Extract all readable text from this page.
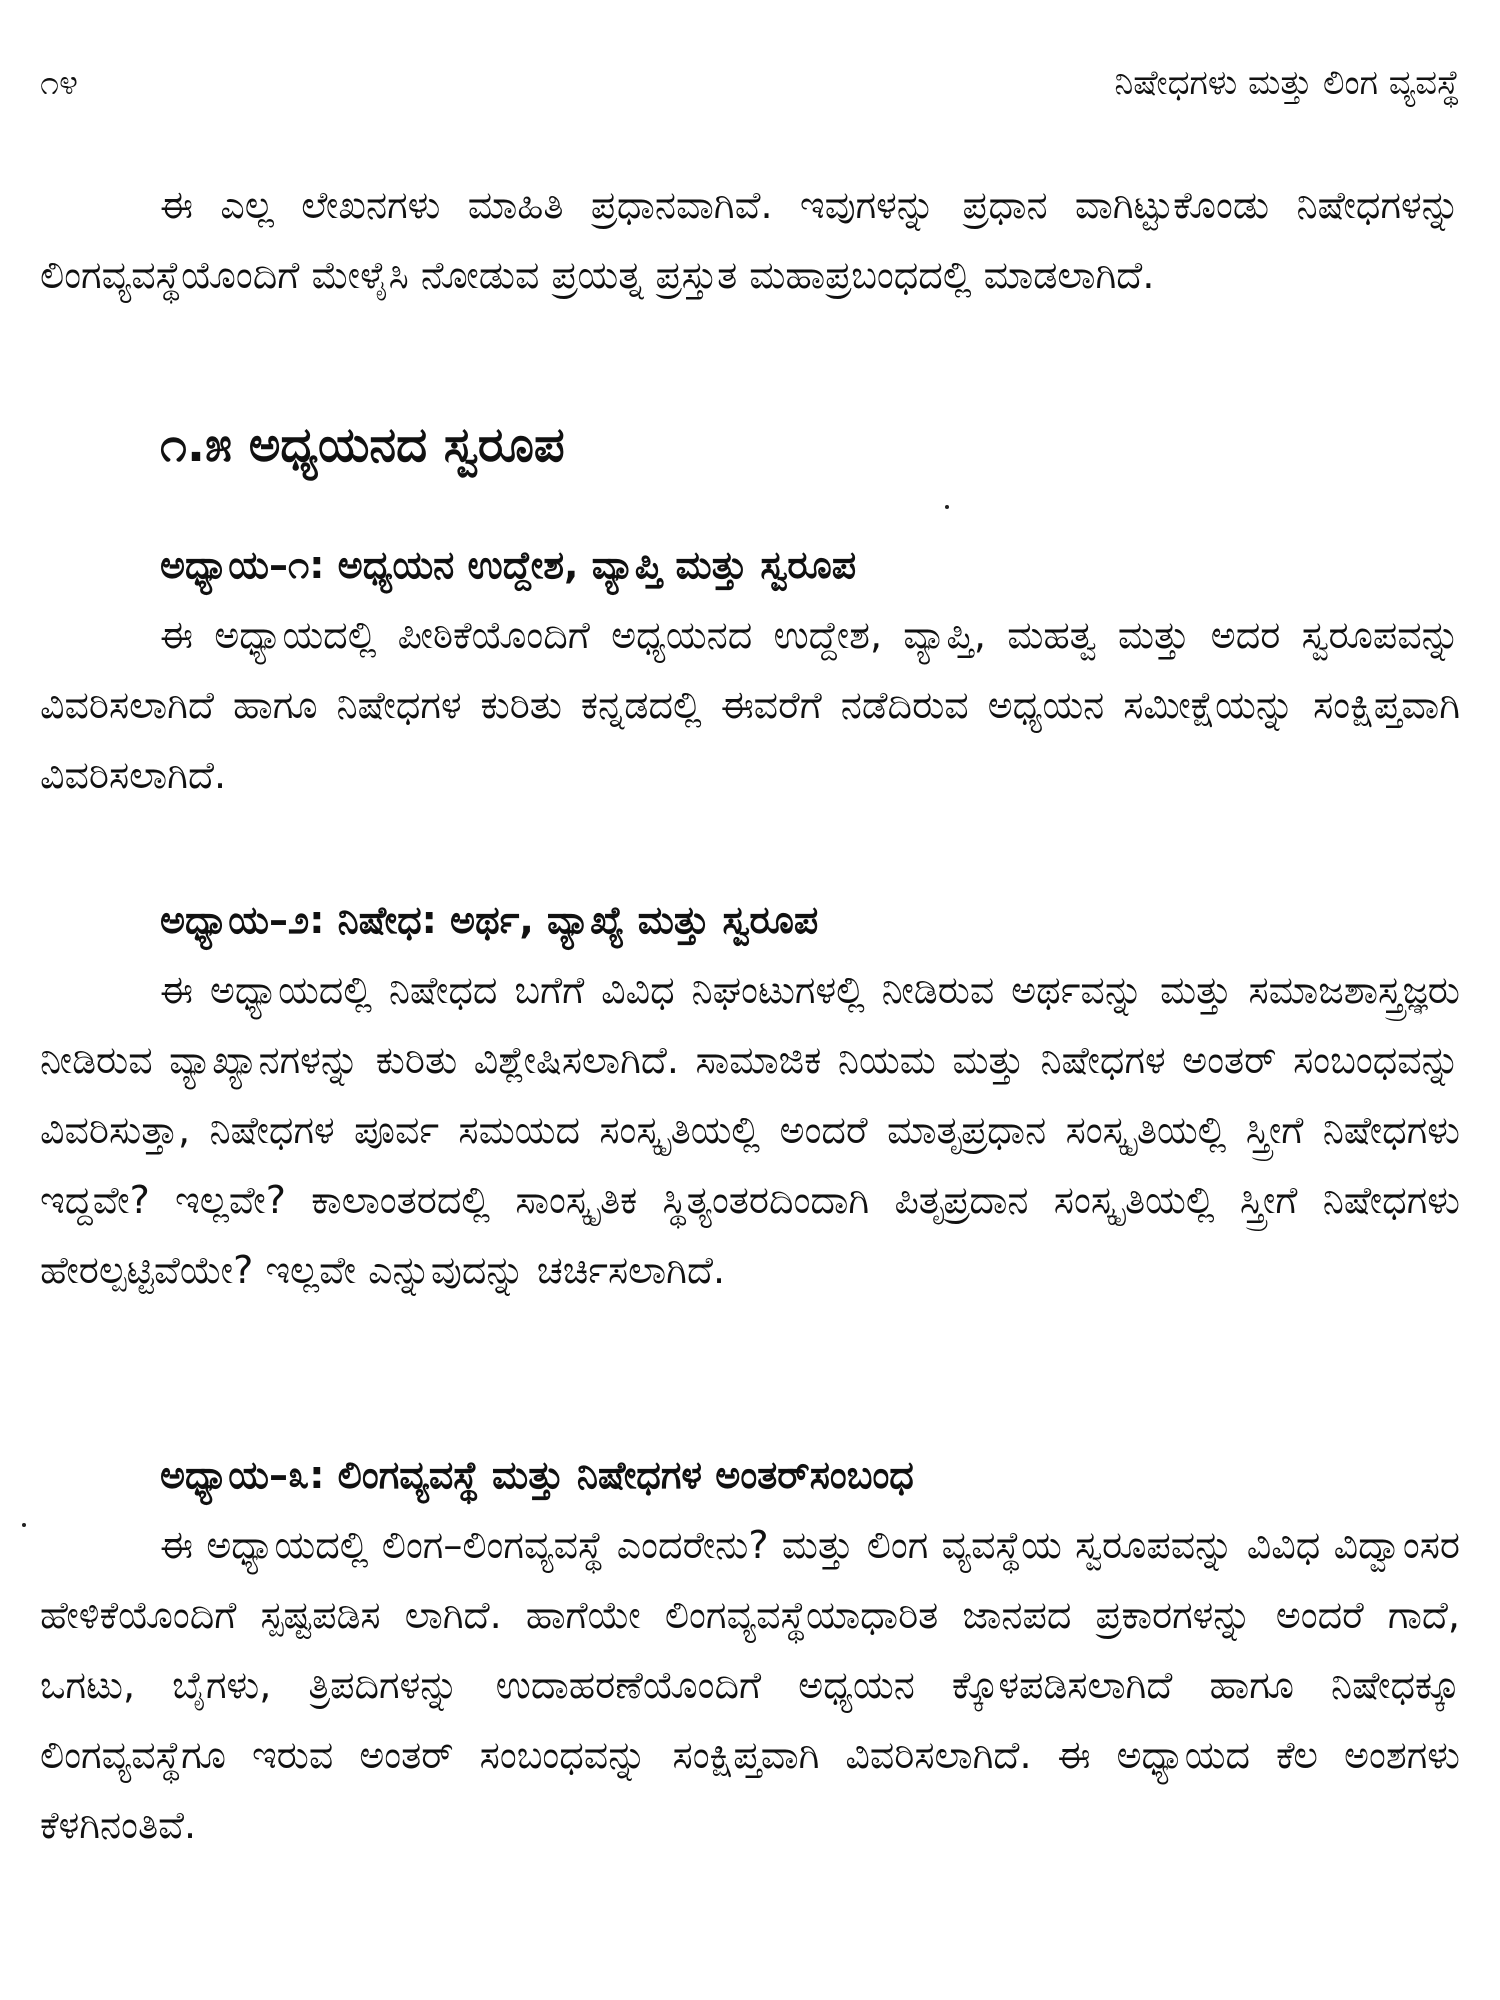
೧೪	ನಿಷೇಧಗಳು ಮತ್ತು ಲಿಂಗ ವ್ಯವಸ್ಥೆ

ಈ ಎಲ್ಲ ಲೇಖನಗಳು ಮಾಹಿತಿ ಪ್ರಧಾನವಾಗಿವೆ. ಇವುಗಳನ್ನು ಪ್ರಧಾನ ವಾಗಿಟ್ಟುಕೊಂಡು ನಿಷೇಧಗಳನ್ನು ಲಿಂಗವ್ಯವಸ್ಥೆಯೊಂದಿಗೆ ಮೇಳೈಸಿ ನೋಡುವ ಪ್ರಯತ್ನ ಪ್ರಸ್ತುತ ಮಹಾಪ್ರಬಂಧದಲ್ಲಿ ಮಾಡಲಾಗಿದೆ.

೧.೫ ಅಧ್ಯಯನದ ಸ್ವರೂಪ
ಅಧ್ಯಾಯ–೧: ಅಧ್ಯಯನ ಉದ್ದೇಶ, ವ್ಯಾಪ್ತಿ ಮತ್ತು ಸ್ವರೂಪ

ಈ ಅಧ್ಯಾಯದಲ್ಲಿ ಪೀಠಿಕೆಯೊಂದಿಗೆ ಅಧ್ಯಯನದ ಉದ್ದೇಶ, ವ್ಯಾಪ್ತಿ, ಮಹತ್ವ ಮತ್ತು ಅದರ ಸ್ವರೂಪವನ್ನು ವಿವರಿಸಲಾಗಿದೆ ಹಾಗೂ ನಿಷೇಧಗಳ ಕುರಿತು ಕನ್ನಡದಲ್ಲಿ ಈವರೆಗೆ ನಡೆದಿರುವ ಅಧ್ಯಯನ ಸಮೀಕ್ಷೆಯನ್ನು ಸಂಕ್ಷಿಪ್ತವಾಗಿ ವಿವರಿಸಲಾಗಿದೆ.

ಅಧ್ಯಾಯ–೨: ನಿಷೇಧ: ಅರ್ಥ, ವ್ಯಾಖ್ಯೆ ಮತ್ತು ಸ್ವರೂಪ

ಈ ಅಧ್ಯಾಯದಲ್ಲಿ ನಿಷೇಧದ ಬಗೆಗೆ ವಿವಿಧ ನಿಘಂಟುಗಳಲ್ಲಿ ನೀಡಿರುವ ಅರ್ಥವನ್ನು ಮತ್ತು ಸಮಾಜಶಾಸ್ತ್ರಜ್ಞರು ನೀಡಿರುವ ವ್ಯಾಖ್ಯಾನಗಳನ್ನು ಕುರಿತು ವಿಶ್ಲೇಷಿಸಲಾಗಿದೆ. ಸಾಮಾಜಿಕ ನಿಯಮ ಮತ್ತು ನಿಷೇಧಗಳ ಅಂತರ್ ಸಂಬಂಧವನ್ನು ವಿವರಿಸುತ್ತಾ, ನಿಷೇಧಗಳ ಪೂರ್ವ ಸಮಯದ ಸಂಸ್ಕೃತಿಯಲ್ಲಿ ಅಂದರೆ ಮಾತೃಪ್ರಧಾನ ಸಂಸ್ಕೃತಿಯಲ್ಲಿ ಸ್ತ್ರೀಗೆ ನಿಷೇಧಗಳು ಇದ್ದವೇ? ಇಲ್ಲವೇ? ಕಾಲಾಂತರದಲ್ಲಿ ಸಾಂಸ್ಕೃತಿಕ ಸ್ಥಿತ್ಯಂತರದಿಂದಾಗಿ ಪಿತೃಪ್ರದಾನ ಸಂಸ್ಕೃತಿಯಲ್ಲಿ ಸ್ತ್ರೀಗೆ ನಿಷೇಧಗಳು ಹೇರಲ್ಪಟ್ಟಿವೆಯೇ? ಇಲ್ಲವೇ ಎನ್ನುವುದನ್ನು ಚರ್ಚಿಸಲಾಗಿದೆ.

ಅಧ್ಯಾಯ–೩: ಲಿಂಗವ್ಯವಸ್ಥೆ ಮತ್ತು ನಿಷೇಧಗಳ ಅಂತರ್‌ಸಂಬಂಧ

ಈ ಅಧ್ಯಾಯದಲ್ಲಿ ಲಿಂಗ–ಲಿಂಗವ್ಯವಸ್ಥೆ ಎಂದರೇನು? ಮತ್ತು ಲಿಂಗ ವ್ಯವಸ್ಥೆಯ ಸ್ವರೂಪವನ್ನು ವಿವಿಧ ವಿದ್ವಾಂಸರ ಹೇಳಿಕೆಯೊಂದಿಗೆ ಸ್ಪಷ್ಟಪಡಿಸ ಲಾಗಿದೆ. ಹಾಗೆಯೇ ಲಿಂಗವ್ಯವಸ್ಥೆಯಾಧಾರಿತ ಜಾನಪದ ಪ್ರಕಾರಗಳನ್ನು ಅಂದರೆ ಗಾದೆ, ಒಗಟು, ಬೈಗಳು, ತ್ರಿಪದಿಗಳನ್ನು ಉದಾಹರಣೆಯೊಂದಿಗೆ ಅಧ್ಯಯನ ಕ್ಕೊಳಪಡಿಸಲಾಗಿದೆ ಹಾಗೂ ನಿಷೇಧಕ್ಕೂ ಲಿಂಗವ್ಯವಸ್ಥೆಗೂ ಇರುವ ಅಂತರ್ ಸಂಬಂಧವನ್ನು ಸಂಕ್ಷಿಪ್ತವಾಗಿ ವಿವರಿಸಲಾಗಿದೆ. ಈ ಅಧ್ಯಾಯದ ಕೆಲ ಅಂಶಗಳು ಕೆಳಗಿನಂತಿವೆ.
